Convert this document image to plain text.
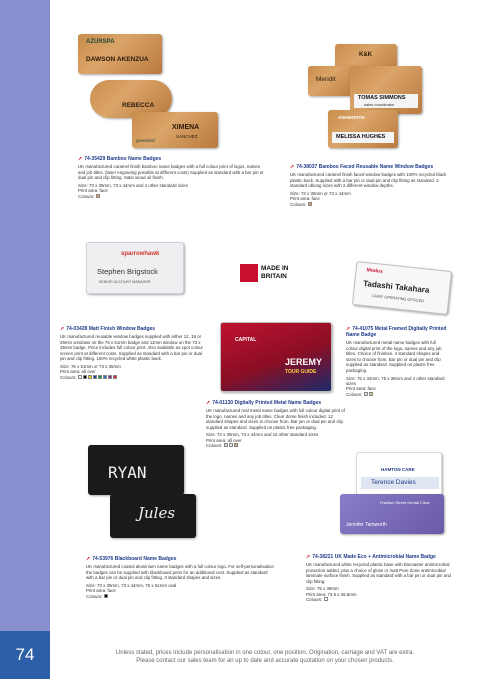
74
AZURSPA
DAWSON AKENZUA
REBECCA
XIMENA
SÁNCHEZ
greenleaf
K&K
Meridit
TOMAS SIMMONS
sales coordinator
ASHWORTH
MELISSA HUGHES
sparrowhawk
Stephen Brigstock
SENIOR ACCOUNT MANAGER
MADE IN
BRITAIN
Modus
Tadashi Takahara
CHIEF OPERATING OFFICER
CAPITAL
JEREMY
TOUR GUIDE
RYAN
Jules
HAMTON CARE
Terence Davies
Fraction Street Dental Clinic
Jennifer Tamworth
➚ 74-35429 Bamboo Name Badges
UK manufactured caramel finish bamboo name badges with a full colour print of logos, names and job titles. (laser engraving possible at different costs) Supplied as standard with a bar pin or dual pin and clip fitting. Satin wood oil finish.
Size: 73 x 35mm, 73 x 44mm and 4 other standard sizes
Print area: face
Colours:
➚ 74-38037 Bamboo Faced Reusable Name Window Badges
UK manufactured caramel finish faced window badges with 100% recycled black plastic back. Supplied with a bar pin or dual pin and clip fitting as standard. 2 standard oblong sizes with 2 different window depths.
Size: 73 x 35mm or 73 x 44mm
Print area: face
Colours:
➚ 74-03428 Matt Finish Window Badges
UK manufactured reusable window badges supplied with either 12, 19 or 26mm windows on the 76 x 51mm badge and 11mm window on the 73 x 35mm badge. Price includes full colour print. Also available as spot colour screen print at different costs. Supplied as standard with a bar pin or dual pin and clip fitting. 100% recycled white plastic back.
Size: 76 x 51mm or 73 x 35mm
Print area: all over
Colours:
➚ 74-01130 Digitally Printed Metal Name Badges
UK manufactured real metal name badges with full colour digital print of the logo, names and any job titles. Clear dome finish included. 12 standard shapes and sizes to choose from. Bar pin or dual pin and clip supplied as standard. Supplied on plastic free packaging.
Size: 73 x 35mm, 73 x 44mm and 10 other standard sizes
Print area: all over
Colours:
➚ 74-41075 Metal Framed Digitally Printed Name Badge
UK manufactured metal name badges with full colour digital print of the logo, names and any job titles. Choice of finishes. 4 standard shapes and sizes to choose from. Bar pin or dual pin and clip supplied as standard. Supplied on plastic free packaging.
Size: 75 x 32mm, 75 x 38mm and 4 other standard sizes
Print area: face
Colours:
➚ 74-53976 Blackboard Name Badges
UK manufactured coated aluminium name badges with a full colour logo. For self-personalisation the badges can be supplied with blackboard pens for an additional cost. Supplied as standard with a bar pin or dual pin and clip fitting. 3 standard shapes and sizes.
Size: 73 x 35mm, 73 x 44mm, 76 x 51mm oval
Print area: face
Colours:
➚ 74-38221 UK Made Eco + Antimicrobial Name Badge
UK manufactured white recycled plastic base with Biomaster antimicrobial protection added, plus a choice of gloss or matt Pure Zone antimicrobial laminate surface finish. Supplied as standard with a bar pin or dual pin and clip fitting.
Size: 75 x 38mm
Print area: 73.5 x 36.5mm
Colours:
Unless stated, prices include personalisation in one colour, one position. Origination, carriage and VAT are extra.
Please contact our sales team for an up to date and accurate quotation on your chosen products.
